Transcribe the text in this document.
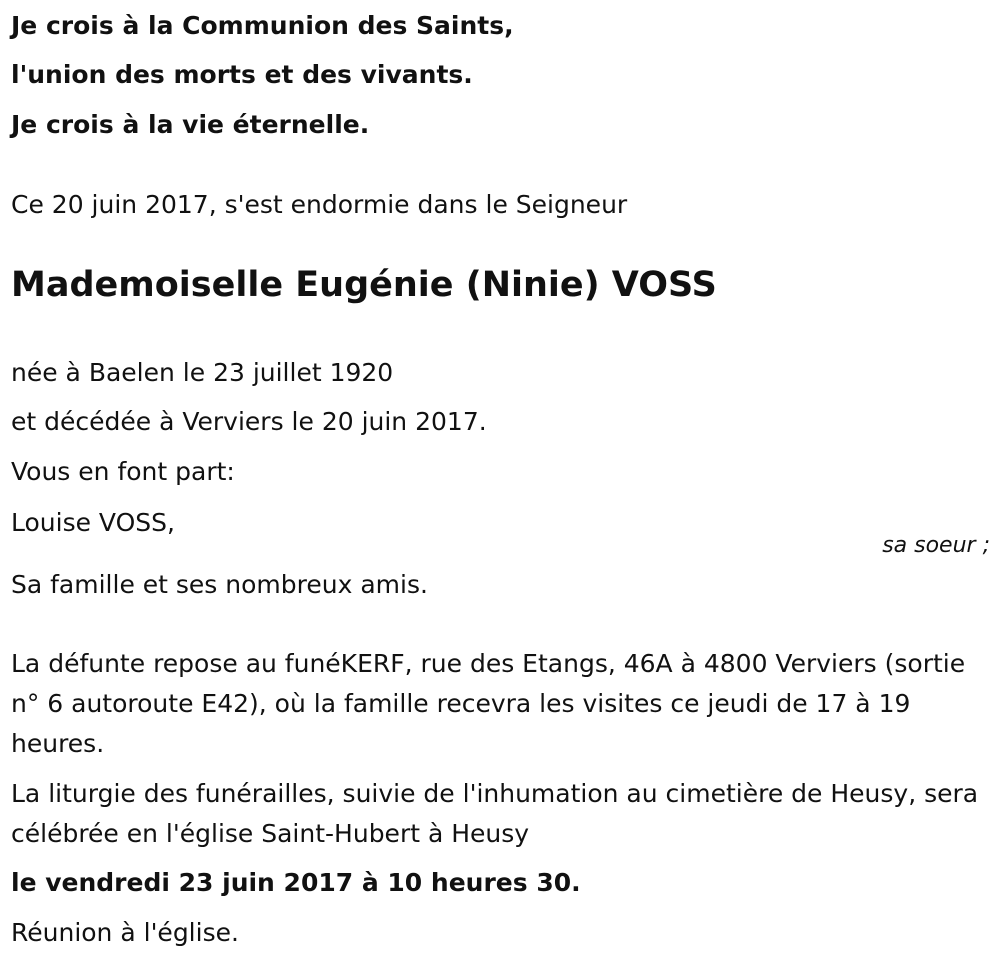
Je crois à la Communion des Saints,
l'union des morts et des vivants.
Je crois à la vie éternelle.
Ce 20 juin 2017, s'est endormie dans le Seigneur
Mademoiselle Eugénie (Ninie) VOSS
née à Baelen le 23 juillet 1920
et décédée à Verviers le 20 juin 2017.
Vous en font part:
Louise VOSS,
sa soeur ;
Sa famille et ses nombreux amis.
La défunte repose au funéKERF, rue des Etangs, 46A à 4800 Verviers (sortie n° 6 autoroute E42), où la famille recevra les visites ce jeudi de 17 à 19 heures.
La liturgie des funérailles, suivie de l'inhumation au cimetière de Heusy, sera célébrée en l'église Saint-Hubert à Heusy
le vendredi 23 juin 2017 à 10 heures 30.
Réunion à l'église.
